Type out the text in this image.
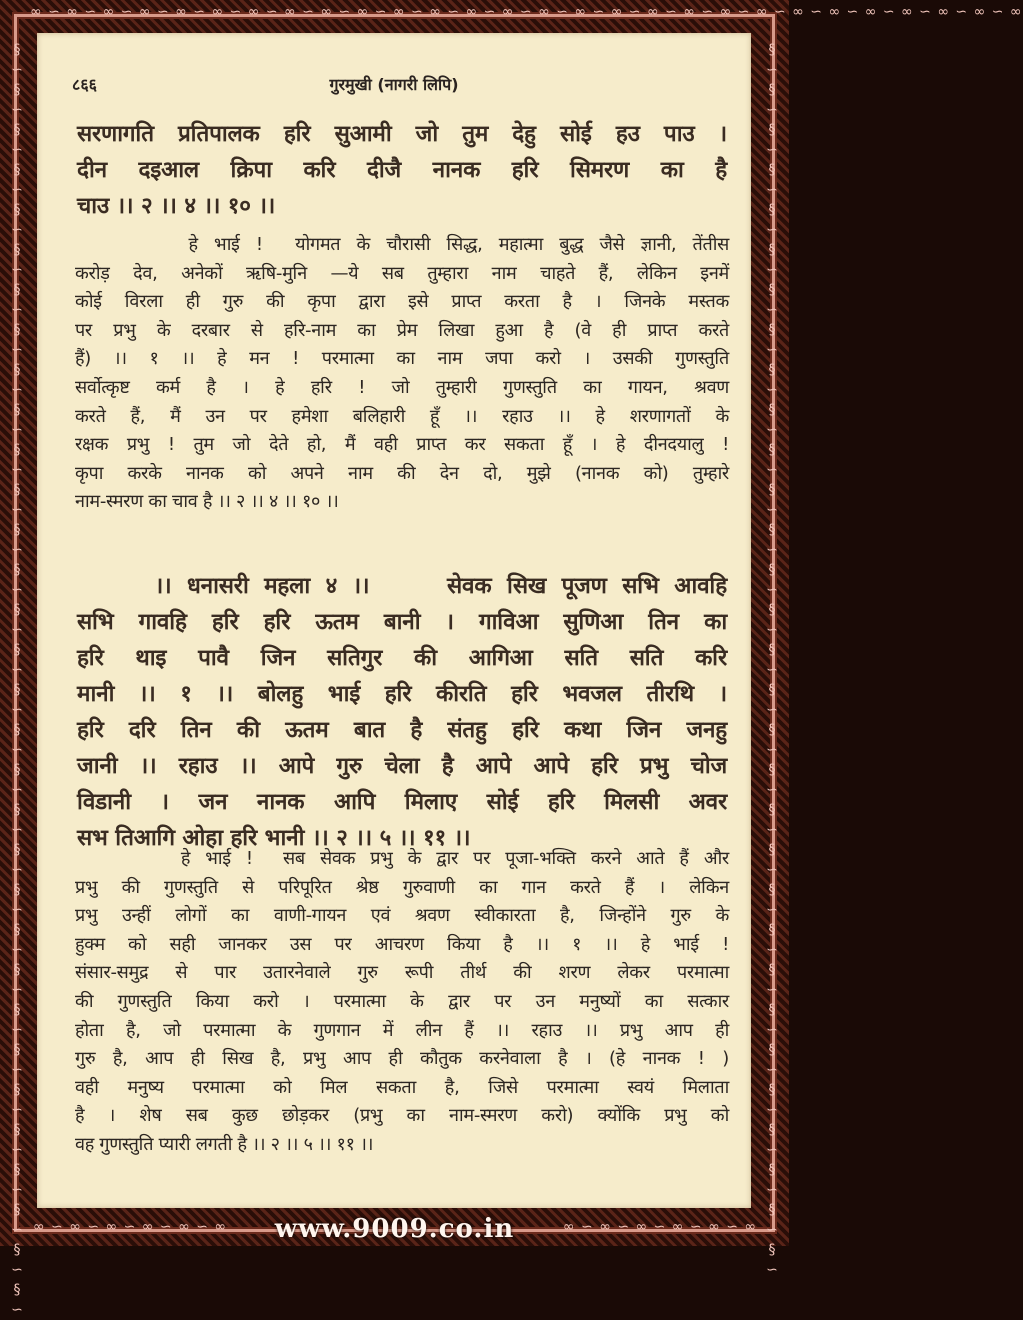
∞ ∽ ∞ ∽ ∞ ∽ ∞ ∽ ∞ ∽ ∞ ∽ ∞ ∽ ∞ ∽ ∞ ∽ ∞ ∽ ∞ ∽ ∞ ∽ ∞ ∽ ∞ ∽ ∞ ∽ ∞ ∽ ∞ ∽ ∞ ∽ ∞ ∽ ∞ ∽ ∞ ∽ ∞ ∽ ∞ ∽ ∞ ∽ ∞ ∽ ∞ ∽ ∞ ∽ ∞
§
∽
§
∽
§
∽
§
∽
§
∽
§
∽
§
∽
§
∽
§
∽
§
∽
§
∽
§
∽
§
∽
§
∽
§
∽
§
∽
§
∽
§
∽
§
∽
§
∽
§
∽
§
∽
§
∽
§
∽
§
∽
§
∽
§
∽
§
∽
§
∽
§
∽
§
∽
§
∽
§
∽
§
∽
§
∽
§
∽
§
∽
§
∽
§
∽
§
∽
§
∽
§
∽
§
∽
§
∽
§
∽
§
∽
§
∽
§
∽
§
∽
§
∽
§
∽
§
∽
§
∽
§
∽
§
∽
§
∽
§
∽
§
∽
§
∽
§
∽
§
∽
§
∽
§
∽
८६६	गुरमुखी (नागरी लिपि)
सरणागति प्रतिपालक हरि सुआमी जो तुम देहु सोई हउ पाउ ।
दीन दइआल क्रिपा करि दीजै नानक हरि सिमरण का है
चाउ ।। २ ।। ४ ।। १० ।।
हे भाई !  योगमत के चौरासी सिद्ध, महात्मा बुद्ध जैसे ज्ञानी, तेंतीस
करोड़ देव, अनेकों ऋषि-मुनि —ये सब तुम्हारा नाम चाहते हैं, लेकिन इनमें
कोई विरला ही गुरु की कृपा द्वारा इसे प्राप्त करता है । जिनके मस्तक
पर प्रभु के दरबार से हरि-नाम का प्रेम लिखा हुआ है (वे ही प्राप्त करते
हैं) ।। १ ।। हे मन ! परमात्मा का नाम जपा करो । उसकी गुणस्तुति
सर्वोत्कृष्ट कर्म है । हे हरि ! जो तुम्हारी गुणस्तुति का गायन, श्रवण
करते हैं, मैं उन पर हमेशा बलिहारी हूँ ।। रहाउ ।। हे शरणागतों के
रक्षक प्रभु ! तुम जो देते हो, मैं वही प्राप्त कर सकता हूँ । हे दीनदयालु !
कृपा करके नानक को अपने नाम की देन दो, मुझे (नानक को) तुम्हारे
नाम-स्मरण का चाव है ।। २ ।। ४ ।। १० ।।
।। धनासरी महला ४ ।।     सेवक सिख पूजण सभि आवहि
सभि गावहि हरि हरि ऊतम बानी । गाविआ सुणिआ तिन का
हरि थाइ पावै जिन सतिगुर की आगिआ सति सति करि
मानी ।। १ ।। बोलहु भाई हरि कीरति हरि भवजल तीरथि ।
हरि दरि तिन की ऊतम बात है संतहु हरि कथा जिन जनहु
जानी ।। रहाउ ।। आपे गुरु चेला है आपे आपे हरि प्रभु चोज
विडानी । जन नानक आपि मिलाए सोई हरि मिलसी अवर
सभ तिआगि ओहा हरि भानी ।। २ ।। ५ ।। ११ ।।
हे भाई !  सब सेवक प्रभु के द्वार पर पूजा-भक्ति करने आते हैं और
प्रभु की गुणस्तुति से परिपूरित श्रेष्ठ गुरुवाणी का गान करते हैं । लेकिन
प्रभु उन्हीं लोगों का वाणी-गायन एवं श्रवण स्वीकारता है, जिन्होंने गुरु के
हुक्म को सही जानकर उस पर आचरण किया है ।। १ ।। हे भाई !
संसार-समुद्र से पार उतारनेवाले गुरु रूपी तीर्थ की शरण लेकर परमात्मा
की गुणस्तुति किया करो । परमात्मा के द्वार पर उन मनुष्यों का सत्कार
होता है, जो परमात्मा के गुणगान में लीन हैं ।। रहाउ ।। प्रभु आप ही
गुरु है, आप ही सिख है, प्रभु आप ही कौतुक करनेवाला है । (हे नानक ! )
वही मनुष्य परमात्मा को मिल सकता है, जिसे परमात्मा स्वयं मिलाता
है । शेष सब कुछ छोड़कर (प्रभु का नाम-स्मरण करो) क्योंकि प्रभु को
वह गुणस्तुति प्यारी लगती है ।। २ ।। ५ ।। ११ ।।
∞ ∽ ∞ ∽ ∞ ∽ ∞ ∽ ∞ ∽ ∞	∞ ∽ ∞ ∽ ∞ ∽ ∞ ∽ ∞ ∽ ∞
www.9009.co.in
